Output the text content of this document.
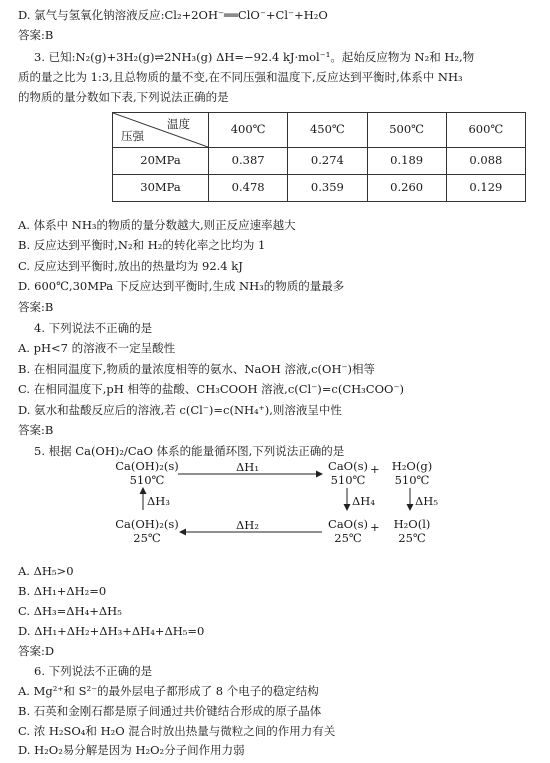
D. 氯气与氢氧化钠溶液反应:Cl₂+2OH⁻══ClO⁻+Cl⁻+H₂O
答案:B
3. 已知:N₂(g)+3H₂(g)⇌2NH₃(g) ΔH=−92.4 kJ·mol⁻¹。起始反应物为 N₂和 H₂,物
质的量之比为 1:3,且总物质的量不变,在不同压强和温度下,反应达到平衡时,体系中 NH₃
的物质的量分数如下表,下列说法正确的是
温度
压强	400℃	450℃	500℃	600℃
20MPa	0.387	0.274	0.189	0.088
30MPa	0.478	0.359	0.260	0.129
A. 体系中 NH₃的物质的量分数越大,则正反应速率越大
B. 反应达到平衡时,N₂和 H₂的转化率之比均为 1
C. 反应达到平衡时,放出的热量均为 92.4 kJ
D. 600℃,30MPa 下反应达到平衡时,生成 NH₃的物质的量最多
答案:B
4. 下列说法不正确的是
A. pH<7 的溶液不一定呈酸性
B. 在相同温度下,物质的量浓度相等的氨水、NaOH 溶液,c(OH⁻)相等
C. 在相同温度下,pH 相等的盐酸、CH₃COOH 溶液,c(Cl⁻)=c(CH₃COO⁻)
D. 氨水和盐酸反应后的溶液,若 c(Cl⁻)=c(NH₄⁺),则溶液呈中性
答案:B
5. 根据 Ca(OH)₂/CaO 体系的能量循环图,下列说法正确的是
Ca(OH)₂(s)
510℃
CaO(s)
510℃
+ H₂O(g)
510℃
Ca(OH)₂(s)
25℃
CaO(s)
25℃
+	H₂O(l)
25℃
ΔH₁
ΔH₂
ΔH₃	ΔH₄	ΔH₅
A. ΔH₅>0
B. ΔH₁+ΔH₂=0
C. ΔH₃=ΔH₄+ΔH₅
D. ΔH₁+ΔH₂+ΔH₃+ΔH₄+ΔH₅=0
答案:D
6. 下列说法不正确的是
A. Mg²⁺和 S²⁻的最外层电子都形成了 8 个电子的稳定结构
B. 石英和金刚石都是原子间通过共价键结合形成的原子晶体
C. 浓 H₂SO₄和 H₂O 混合时放出热量与微粒之间的作用力有关
D. H₂O₂易分解是因为 H₂O₂分子间作用力弱
